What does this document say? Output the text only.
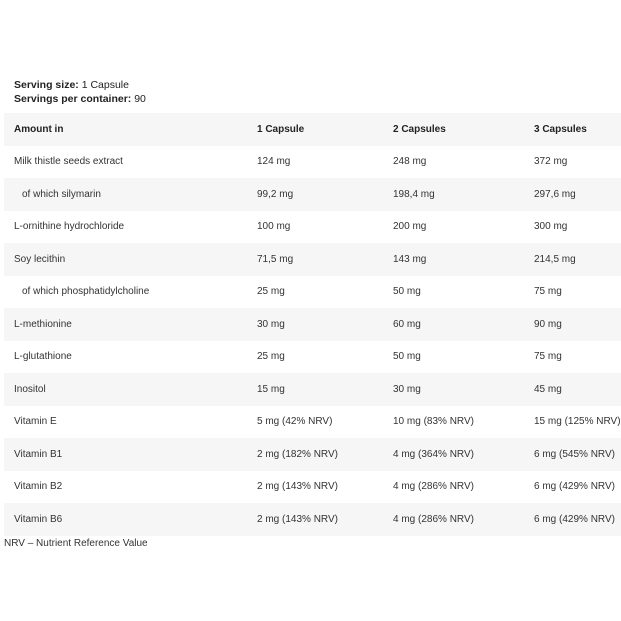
Serving size: 1 Capsule
Servings per container: 90
Amount in	1 Capsule	2 Capsules	3 Capsules
Milk thistle seeds extract	124 mg	248 mg	372 mg
of which silymarin	99,2 mg	198,4 mg	297,6 mg
L-ornithine hydrochloride	100 mg	200 mg	300 mg
Soy lecithin	71,5 mg	143 mg	214,5 mg
of which phosphatidylcholine	25 mg	50 mg	75 mg
L-methionine	30 mg	60 mg	90 mg
L-glutathione	25 mg	50 mg	75 mg
Inositol	15 mg	30 mg	45 mg
Vitamin E	5 mg (42% NRV)	10 mg (83% NRV)	15 mg (125% NRV)
Vitamin B1	2 mg (182% NRV)	4 mg (364% NRV)	6 mg (545% NRV)
Vitamin B2	2 mg (143% NRV)	4 mg (286% NRV)	6 mg (429% NRV)
Vitamin B6	2 mg (143% NRV)	4 mg (286% NRV)	6 mg (429% NRV)
NRV – Nutrient Reference Value
